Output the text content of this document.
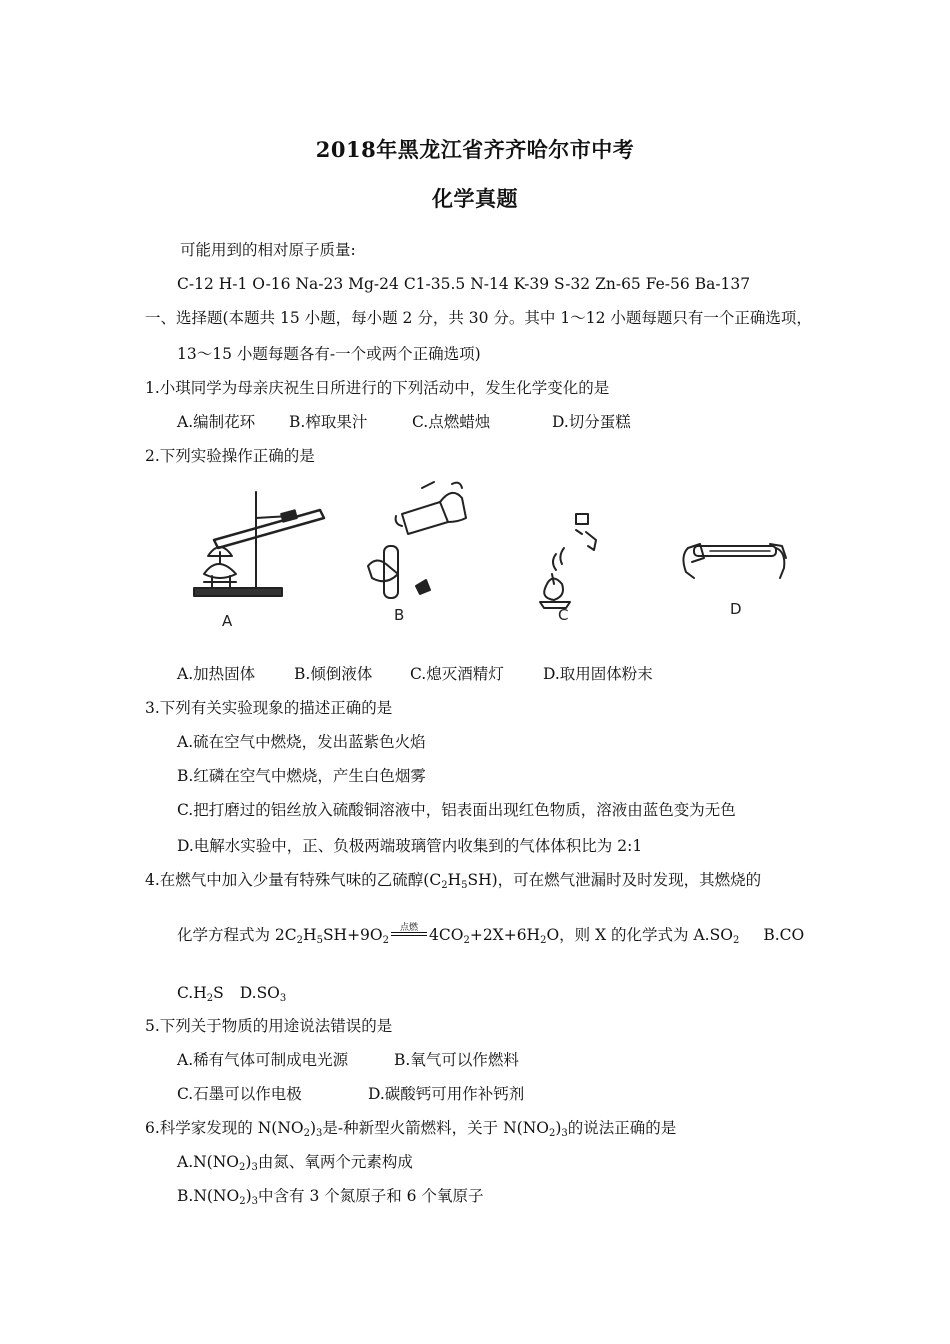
2018年黑龙江省齐齐哈尔市中考
化学真题
可能用到的相对原子质量:
C-12 H-1 O-16 Na-23 Mg-24 C1-35.5 N-14 K-39 S-32 Zn-65 Fe-56 Ba-137
一、选择题(本题共 15 小题，每小题 2 分，共 30 分。其中 1～12 小题每题只有一个正确选项，
13～15 小题每题各有-一个或两个正确选项)
1.小琪同学为母亲庆祝生日所进行的下列活动中，发生化学变化的是
A.编制花环 B.榨取果汁	C.点燃蜡烛	D.切分蛋糕
2.下列实验操作正确的是
A	B	C	D
A.加热固体	B.倾倒液体 C.熄灭酒精灯	D.取用固体粉末
3.下列有关实验现象的描述正确的是
A.硫在空气中燃烧，发出蓝紫色火焰
B.红磷在空气中燃烧，产生白色烟雾
C.把打磨过的铝丝放入硫酸铜溶液中，铝表面出现红色物质，溶液由蓝色变为无色
D.电解水实验中，正、负极两端玻璃管内收集到的气体体积比为 2:1
4.在燃气中加入少量有特殊气味的乙硫醇$(C_2H_5SH)$，可在燃气泄漏时及时发现，其燃烧的
化学方程式为 $2C_2H_5SH+9O_2$
点燃 $4CO_2+2X+6H_2O$，则 X 的化学式为 $A.SO_2$ B.CO
$C.H_2S$ $D.SO_3$
5.下列关于物质的用途说法错误的是
A.稀有气体可制成电光源	B.氧气可以作燃料
C.石墨可以作电极	D.碳酸钙可用作补钙剂
6.科学家发现的 $N(NO_2)_3$是-种新型火箭燃料，关于 $N(NO_2)_3$的说法正确的是
$A.N(NO_2)_3$由氮、氧两个元素构成
$B.N(NO_2)_3$中含有 3 个氮原子和 6 个氧原子
